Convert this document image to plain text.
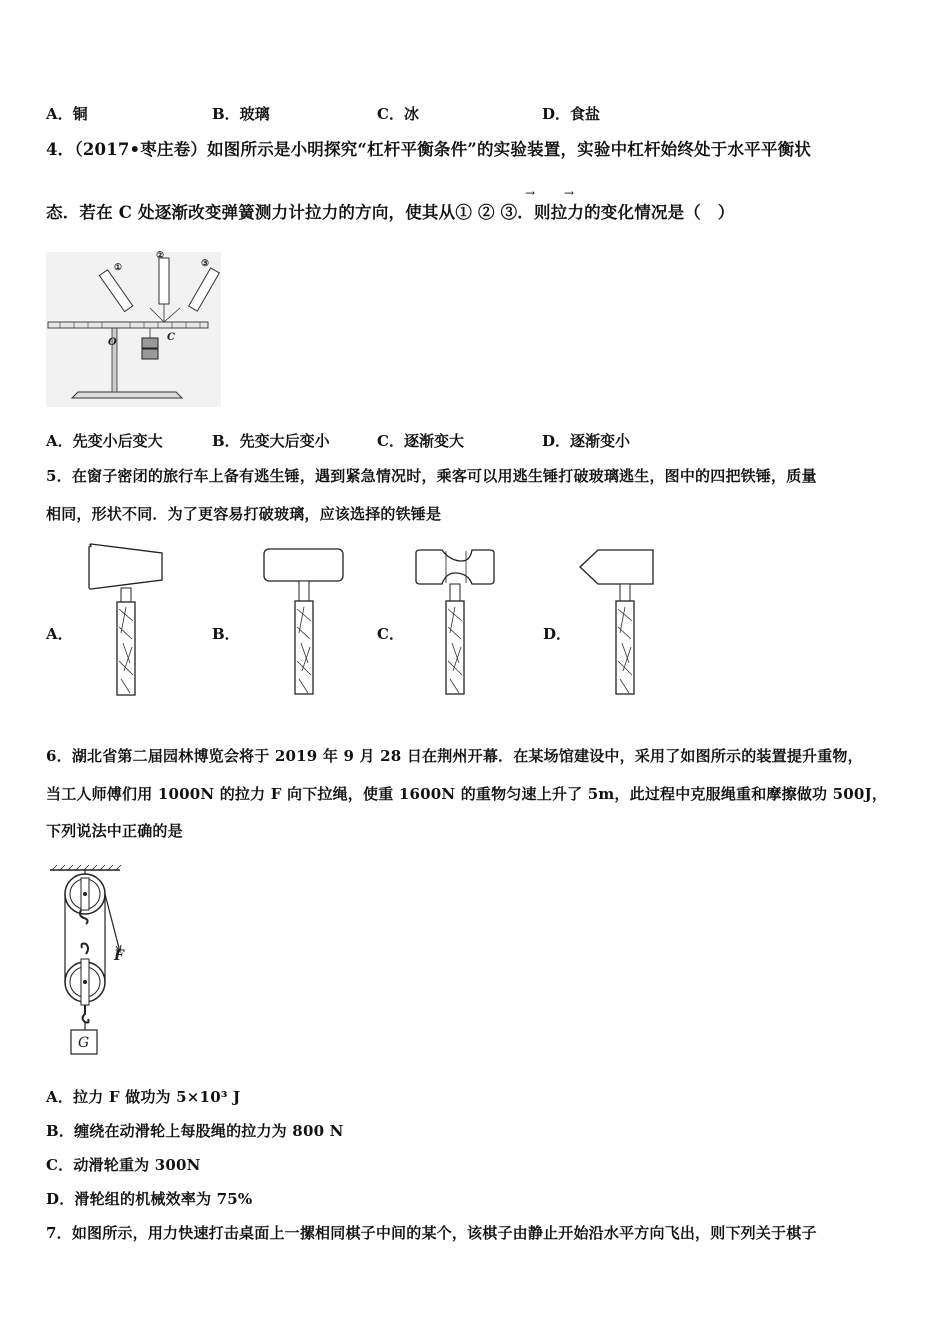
A．铜	B．玻璃	C．冰	D．食盐
4．（2017•枣庄卷）如图所示是小明探究“杠杆平衡条件”的实验装置，实验中杠杆始终处于水平平衡状
态．若在 C 处逐渐改变弹簧测力计拉力的方向，使其从① ② ③．则拉力的变化情况是（　）
→ →
O	C
①
②
③
A．先变小后变大	B．先变大后变小	C．逐渐变大	D．逐渐变小
5．在窗子密闭的旅行车上备有逃生锤，遇到紧急情况时，乘客可以用逃生锤打破玻璃逃生，图中的四把铁锤，质量
相同，形状不同．为了更容易打破玻璃，应该选择的铁锤是
A．	B．	C．	D．
6．湖北省第二届园林博览会将于 2019 年 9 月 28 日在荆州开幕．在某场馆建设中，采用了如图所示的装置提升重物，
当工人师傅们用 1000N 的拉力 F 向下拉绳，使重 1600N 的重物匀速上升了 5m，此过程中克服绳重和摩擦做功 500J，
下列说法中正确的是
F
G
A．拉力 F 做功为 5×10³ J
B．缠绕在动滑轮上每股绳的拉力为 800 N
C．动滑轮重为 300N
D．滑轮组的机械效率为 75%
7．如图所示，用力快速打击桌面上一摞相同棋子中间的某个，该棋子由静止开始沿水平方向飞出，则下列关于棋子
